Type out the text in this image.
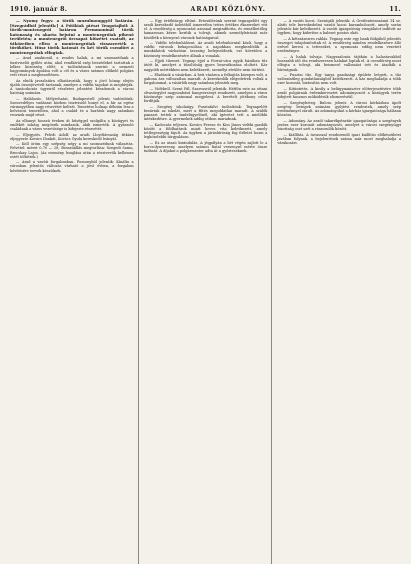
1910. január 8.	ARADI KÖZLÖNY.	11.

— Nyomy fegyv. a török muzulmonggyöl határán. [Szegrádból jelentik:] A Pótikiak ptészí Tengotajból: A török-montenegrói határon Premmonínál török katonaság és akarta bejutni a montenegróiak pihenő területén; a montenegrói őrcsapat kiüzétet csatsdt, az ütközetben ellen a montenegróiak visszaverték a tőrököket. Húsz török katonát és két török csendőrt a montenegróiak elfogtak.

— Arad anakionál, a rendes halak, a mi szomszédunk a tisztviselői gyűlés után, ahol rendkívül szép beszédeket tartottak a lelkes közönség előtt; a tudósításunk szerint a nemzeti hagyományok ápolása volt a cél és a város számos előkelő polgára vett részt a megbeszélésen.

Az elnök javaslatára elhatározták, hogy a jövő hónap elején újabb összejövetelt tartanak, amelyre a vidéki tagokat is meghívják. A tanácskozás ügyeiről részletes jelentést készítenek a városi hatóság számára.

— Halálozás. Mélyrehatat, Budapestről jelenti tudósítónk: Szenvedélyes vadászat közben tisztviselő hunyt el, a hír az egész vármegyében nagy részvétet keltett. Temetése holnap délután lesz a belvárosi temetőben, ahol a család és a barátok nagy számban vesznek majd részt.

Az elhunyt hosszú éveken át hűséggel szolgálta a közügyet és emlékét sokáig megőrzik mindazok, akik ismerték. A gyászoló családnak a város vezetősége is kifejezte részvétét.

— Eljegyzés. Feledi Adolf, az aradi Lloydtársaság titkára eljegyezte Kovács Ilonkát, Kovács Gyula kereskedő leányát.

— Kell öröm egy szépség négy a mi szomszédunk választás. Felvétel: méret 0,70 — 28; Bosszúállás megtorlása: Szegedi Samu, Brocskay Lajos. (Az esemény lezajlása után a résztvevők kellemes estét töltöttek.)

— Arad a vasúti forgalomban. Pozsonyból jelentik: Kínálta a városban jelentős változás várható a jövő évben, a forgalom bővítésére tervek készülnek.

— Egy értéktárgy eltűnt. Értesülésünk szerint tegnapelőtt egy aradi kereskedő üzletéből ismeretlen tettes értékes ékszereket vitt el. A rendőrség a nyomozást azonnal megindította, és remélhetőleg hamarosan kézre kerítik a tolvajt, akinek személyleírását már közölték a környező városok hatóságaival.

— Vidéki telefonhálózat. Az aradi telefonhivatal közli, hogy a vidéki városok bekapcsolása a napokban megkezdődik. A munkálatok várhatóan tavaszig befejeződnek, ezt követően a közönség rendelkezésére állnak a vonalak.

— Éjjeli tűzeset. Tegnap éjjel a Forrai-utca egyik házában tűz ütött ki, amelyet a tűzoltóság gyors beavatkozása eloltott. Kár nagyobb mértékben nem keletkezett, személyi sérülés nem történt.

— Eladások a vásárban. A heti vásáron a felhajtás közepes volt, a gabona ára változatlan maradt. A kereskedők elégedettek voltak a forgalommal, a vásárlók nagy számban jelentek meg.

— Vidékről. Szent Pál. Szarvasról jelentik: Hétfőn este az ottani olvasóegylet nagyszabású hangversenyt rendezett, amelyen a város közönsége szép számmal megjelent. A bevételt jótékony célra fordítják.

— Szegény iskolaügy. Pusztafalvi tudósítónk: Tegnapelőtt bezártak az iskolát, mert a fűtés megoldatlan maradt. A szülők panaszt tettek a tanfelügyelőnél, aki ígéretet tett a mielőbbi intézkedésre. A gyermekek addig otthon maradnak.

— Kadocsás teljesen. Kovács Ferenc és Kiss János vidéki gazdák között a földhatárok miatt heves vita keletkezett, amely tettlegességig fajult. Az ügyben a járásbíróság fog ítéletet hozni a legközelebbi tárgyaláson.

— Ez az utazó kirándulás. A jégpályán a hét végén zajlott le a korcsolyaverseny, amelyen számos fiatal versenyző mérte össze tudását. A díjakat a polgármester adta át a győzteseknek.

— A vasúti kocsi. Szentgáli jelentik: A Greifenteinszámú 14 sz. alatti tele kereskedelmi vasúti kocsi karambolozott, amely során jelentős kár keletkezett. A vasúti igazgatóság vizsgálatot indított az ügyben, hogy kiderítse a baleset pontos okát.

— A kétszázezres rablás. Tegnap este egy bank fiókjából jelentős összeget tulajdonítottak el. A rendőrség minden rendelkezésre álló erővel keresi a tetteseket, a nyomozás eddig nem vezetett eredményre.

— A halak tolvaja. Nagyszalonta tájékán a halastavakból hosszabb idő óta rendszeresen halakat loptak el. A csendőrség most elfogta a tolvajt, aki beismerő vallomást tett és átadták a bíróságnak.

— Pusztai tűz. Egy tanya gazdasági épülete leégett, a tűz valószínűleg gondatlanságból keletkezett. A kár meghaladja a több ezer koronát, biztosítás nem volt.

— Kitüntetés. A király a belügyminiszter előterjesztésére több aradi polgárnak érdemkeresztet adományozott a közügyek terén kifejtett hasznos működésük elismeréséül.

— Szegénybeteg. Bulcsu jelenti: A városi kórházban ápolt szegény betegek számára gyűjtést rendeztek, amely szép eredménnyel zárult. Az adományokat a kórház igazgatósága hálásan köszöni.

— Adomány. Az aradi takarékpénztár igazgatósága a szegények javára ezer koronát adományozott, amelyet a városi szegényügyi bizottság oszt szét a rászorulók között.

— Kiállítás. A tavasszal rendezendő ipari kiállítás előkészületei javában folynak, a bejelentések száma már most meghaladja a várakozást.
